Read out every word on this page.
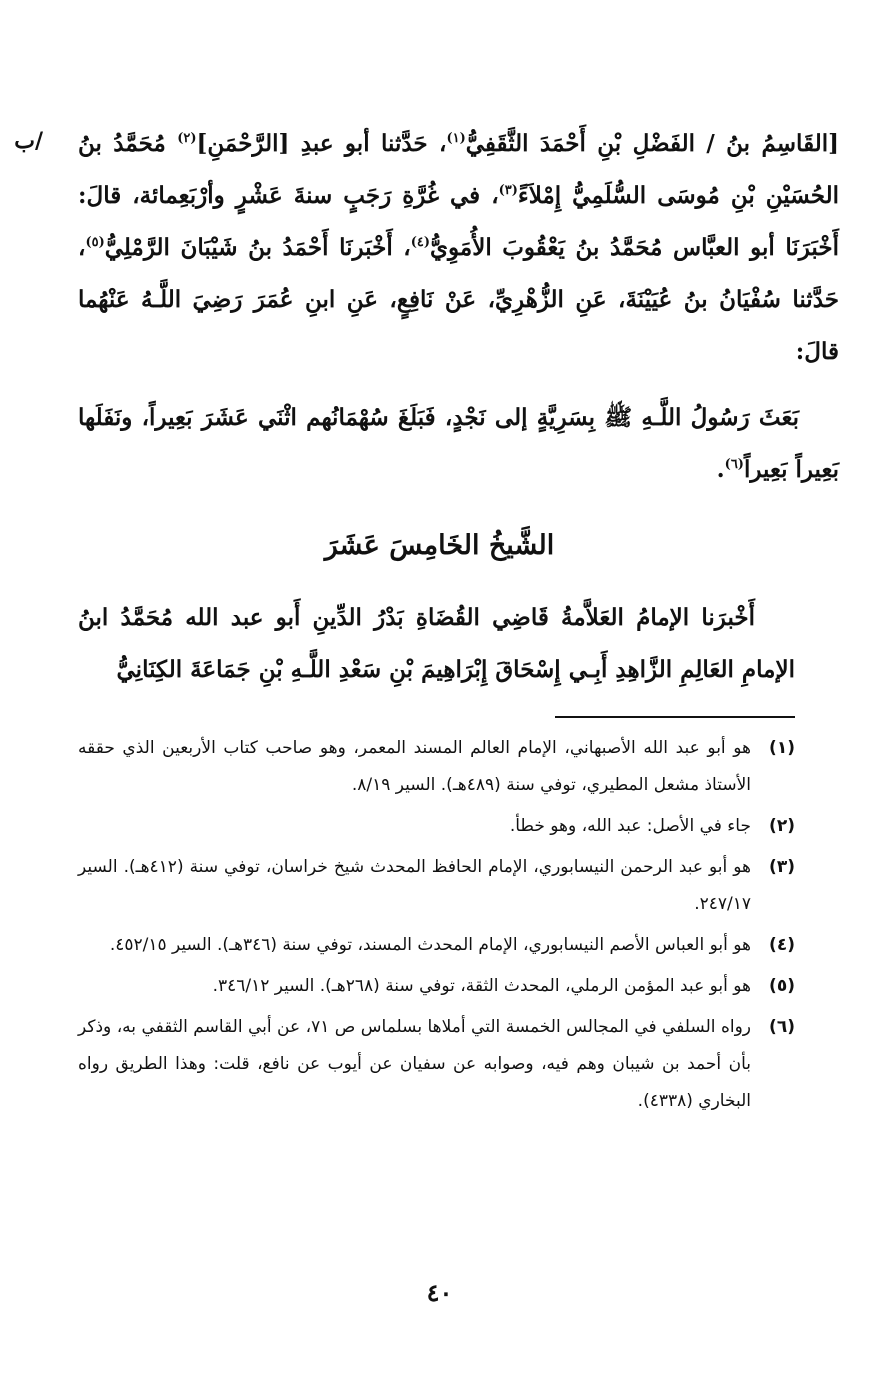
/ب	[القَاسِمُ بنُ / الفَضْلِ بْنِ أَحْمَدَ الثَّقَفِيُّ$^{(١)}$، حَدَّثنا أبو عبدِ [الرَّحْمَنِ]$^{(٢)}$ مُحَمَّدُ بنُ الحُسَيْنِ بْنِ مُوسَى السُّلَمِيُّ إِمْلاَءً$^{(٣)}$، في غُرَّةِ رَجَبٍ سنةَ عَشْرٍ وأرْبَعِمائة، قالَ: أَخْبَرَنَا أبو العبَّاس مُحَمَّدُ بنُ يَعْقُوبَ الأُمَوِيُّ$^{(٤)}$، أَخْبَرنَا أَحْمَدُ بنُ شَيْبَانَ الرَّمْلِيُّ$^{(٥)}$، حَدَّثنا سُفْيَانُ بنُ عُيَيْنَةَ، عَنِ الزُّهْرِيِّ، عَنْ نَافِعٍ، عَنِ ابنِ عُمَرَ رَضِيَ اللَّـهُ عَنْهُما قالَ:

بَعَثَ رَسُولُ اللَّـهِ ﷺ بِسَرِيَّةٍ إلى نَجْدٍ، فَبَلَغَ سُهْمَانُهم اثْنَي عَشَرَ بَعِيراً، ونَفَلَها بَعِيراً بَعِيراً$^{(٦)}$.

الشَّيخُ الخَامِسَ عَشَرَ
أَخْبرَنا الإمامُ العَلاَّمةُ قَاضِي القُضَاةِ بَدْرُ الدِّينِ أَبو عبد الله مُحَمَّدُ ابنُ الإمامِ العَالِمِ الزَّاهِدِ أَبِـي إِسْحَاقَ إِبْرَاهِيمَ بْنِ سَعْدِ اللَّـهِ بْنِ جَمَاعَةَ الكِنَانِيُّ
(١)
هو أبو عبد الله الأصبهاني، الإمام العالم المسند المعمر، وهو صاحب كتاب الأربعين الذي حققه الأستاذ مشعل المطيري، توفي سنة (٤٨٩هـ). السير ٨/١٩.
(٢)
جاء في الأصل: عبد الله، وهو خطأ.
(٣)
هو أبو عبد الرحمن النيسابوري، الإمام الحافظ المحدث شيخ خراسان، توفي سنة (٤١٢هـ). السير ٢٤٧/١٧.
(٤)
هو أبو العباس الأصم النيسابوري، الإمام المحدث المسند، توفي سنة (٣٤٦هـ). السير ٤٥٢/١٥.
(٥)
هو أبو عبد المؤمن الرملي، المحدث الثقة، توفي سنة (٢٦٨هـ). السير ٣٤٦/١٢.
(٦)
رواه السلفي في المجالس الخمسة التي أملاها بسلماس ص ٧١، عن أبي القاسم الثقفي به، وذكر بأن أحمد بن شيبان وهم فيه، وصوابه عن سفيان عن أيوب عن نافع، قلت: وهذا الطريق رواه البخاري (٤٣٣٨).
٤٠
